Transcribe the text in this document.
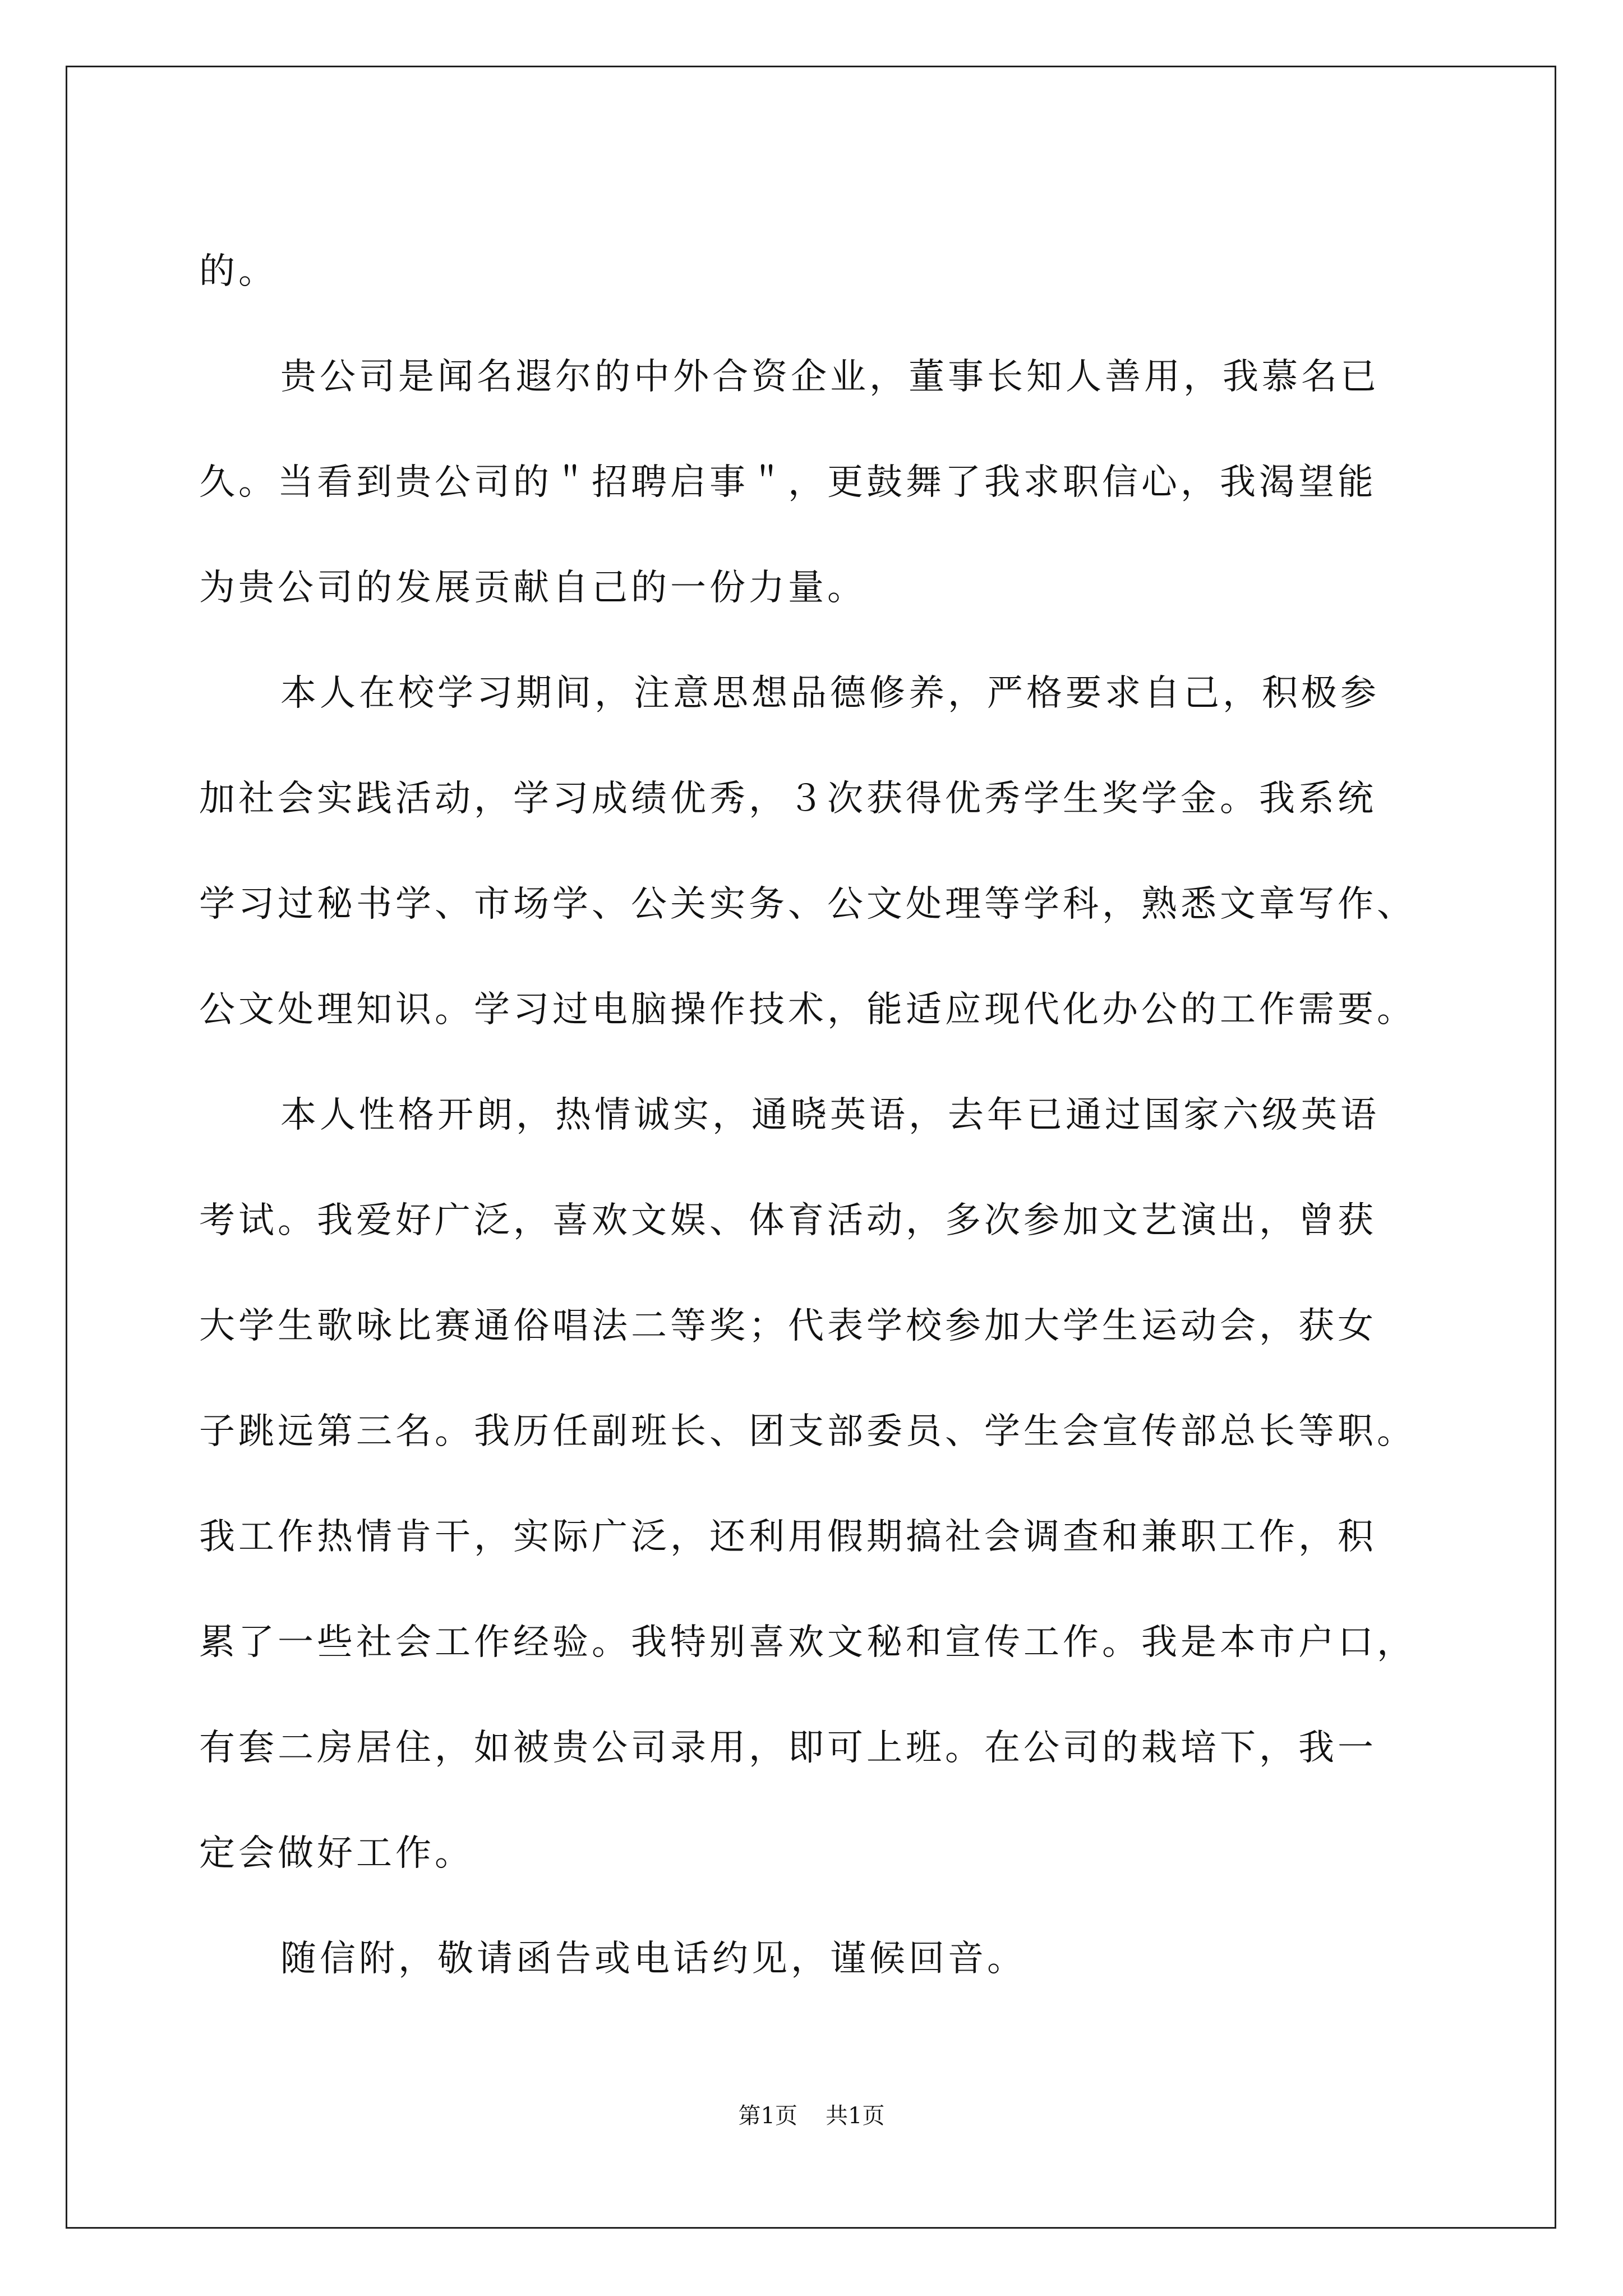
的。
贵公司是闻名遐尔的中外合资企业，董事长知人善用，我慕名已
久。当看到贵公司的＂招聘启事＂，更鼓舞了我求职信心，我渴望能
为贵公司的发展贡献自己的一份力量。
本人在校学习期间，注意思想品德修养，严格要求自己，积极参
加社会实践活动，学习成绩优秀，３次获得优秀学生奖学金。我系统
学习过秘书学、市场学、公关实务、公文处理等学科，熟悉文章写作、
公文处理知识。学习过电脑操作技术，能适应现代化办公的工作需要。
本人性格开朗，热情诚实，通晓英语，去年已通过国家六级英语
考试。我爱好广泛，喜欢文娱、体育活动，多次参加文艺演出，曾获
大学生歌咏比赛通俗唱法二等奖；代表学校参加大学生运动会，获女
子跳远第三名。我历任副班长、团支部委员、学生会宣传部总长等职。
我工作热情肯干，实际广泛，还利用假期搞社会调查和兼职工作，积
累了一些社会工作经验。我特别喜欢文秘和宣传工作。我是本市户口，
有套二房居住，如被贵公司录用，即可上班。在公司的栽培下，我一
定会做好工作。
随信附，敬请函告或电话约见，谨候回音。
第1页 共1页
